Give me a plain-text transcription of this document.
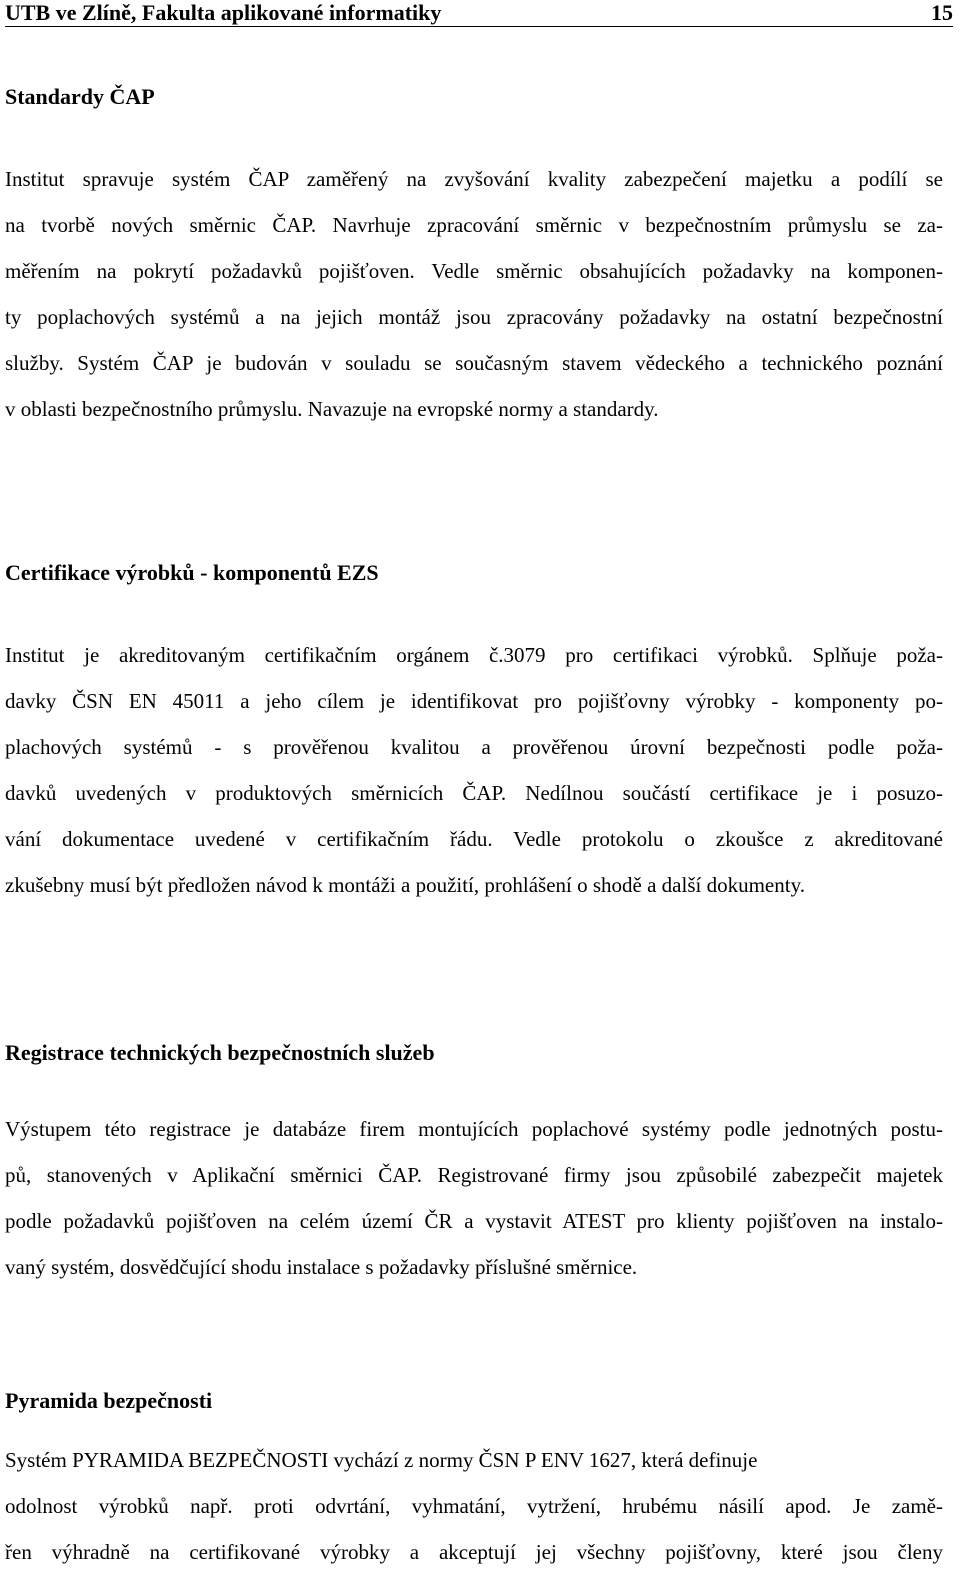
UTB ve Zlíně, Fakulta aplikované informatiky	15
Standardy ČAP
Institut spravuje systém ČAP zaměřený na zvyšování kvality zabezpečení majetku a podílí se
na tvorbě nových směrnic ČAP. Navrhuje zpracování směrnic v bezpečnostním průmyslu se za-
měřením na pokrytí požadavků pojišťoven. Vedle směrnic obsahujících požadavky na komponen-
ty poplachových systémů a na jejich montáž jsou zpracovány požadavky na ostatní bezpečnostní
služby. Systém ČAP je budován v souladu se současným stavem vědeckého a technického poznání
v oblasti bezpečnostního průmyslu. Navazuje na evropské normy a standardy.
Certifikace výrobků - komponentů EZS
Institut je akreditovaným certifikačním orgánem č.3079 pro certifikaci výrobků. Splňuje poža-
davky ČSN EN 45011 a jeho cílem je identifikovat pro pojišťovny výrobky - komponenty po-
plachových systémů - s prověřenou kvalitou a prověřenou úrovní bezpečnosti podle poža-
davků uvedených v produktových směrnicích ČAP. Nedílnou součástí certifikace je i posuzo-
vání dokumentace uvedené v certifikačním řádu. Vedle protokolu o zkoušce z akreditované
zkušebny musí být předložen návod k montáži a použití, prohlášení o shodě a další dokumenty.
Registrace technických bezpečnostních služeb
Výstupem této registrace je databáze firem montujících poplachové systémy podle jednotných postu-
pů, stanovených v Aplikační směrnici ČAP. Registrované firmy jsou způsobilé zabezpečit majetek
podle požadavků pojišťoven na celém území ČR a vystavit ATEST pro klienty pojišťoven na instalo-
vaný systém, dosvědčující shodu instalace s požadavky příslušné směrnice.
Pyramida bezpečnosti
Systém PYRAMIDA BEZPEČNOSTI vychází z normy ČSN P ENV 1627, která definuje
odolnost výrobků např. proti odvrtání, vyhmatání, vytržení, hrubému násilí apod. Je zamě-
řen výhradně na certifikované výrobky a akceptují jej všechny pojišťovny, které jsou členy
